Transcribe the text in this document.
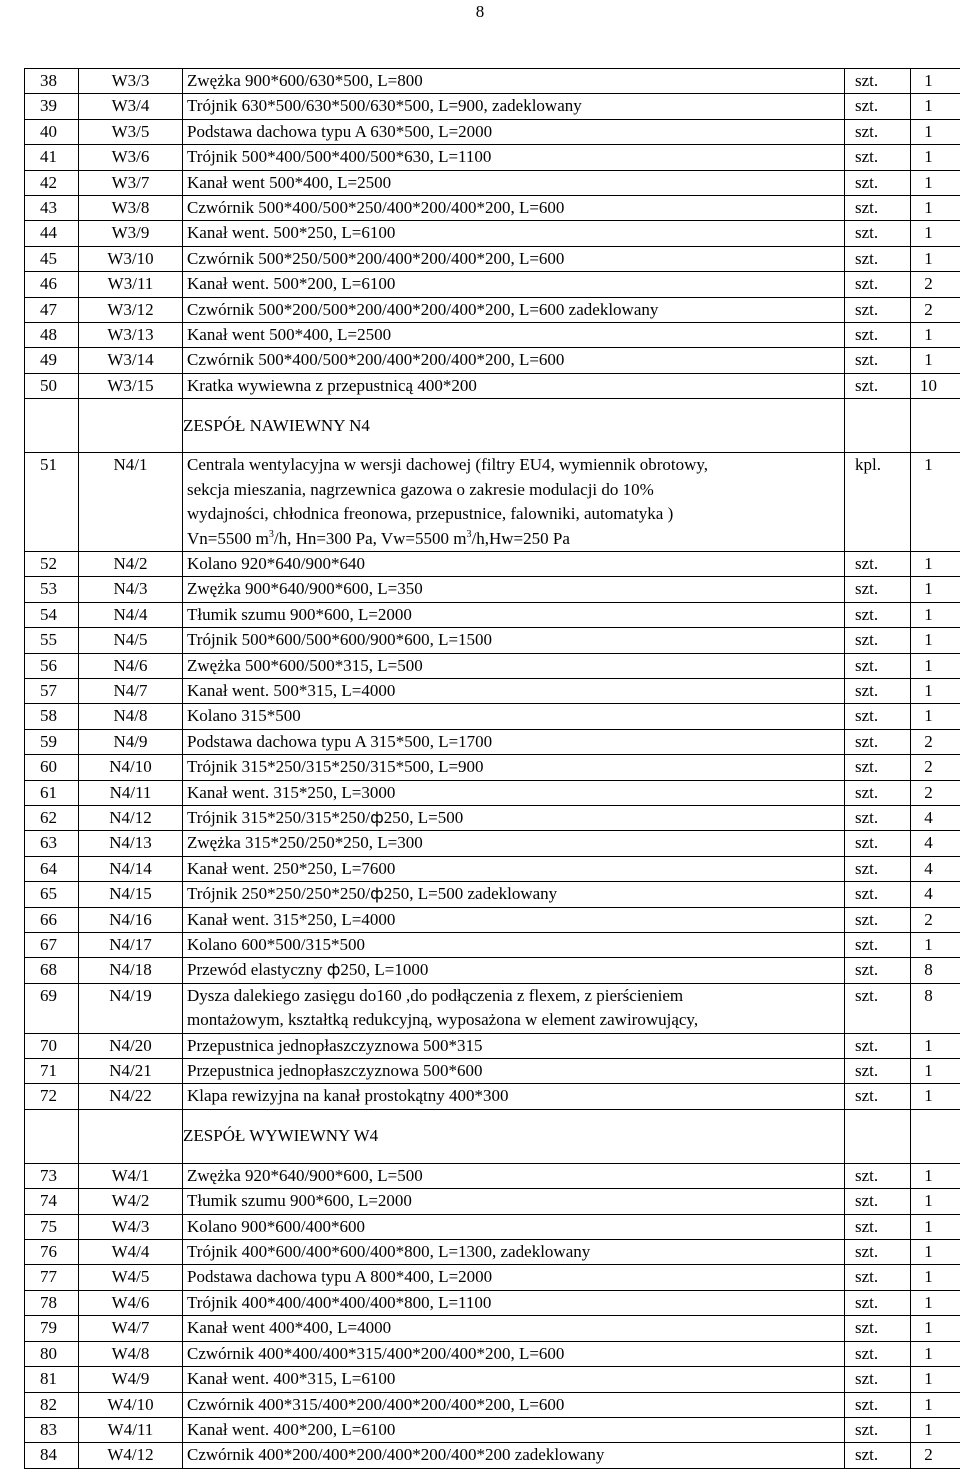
8
38	W3/3	Zwężka 900*600/630*500, L=800	szt.	1
39	W3/4	Trójnik 630*500/630*500/630*500, L=900, zadeklowany	szt.	1
40	W3/5	Podstawa dachowa typu A 630*500, L=2000	szt.	1
41	W3/6	Trójnik 500*400/500*400/500*630, L=1100	szt.	1
42	W3/7	Kanał went 500*400, L=2500	szt.	1
43	W3/8	Czwórnik 500*400/500*250/400*200/400*200, L=600	szt.	1
44	W3/9	Kanał went. 500*250, L=6100	szt.	1
45	W3/10	Czwórnik 500*250/500*200/400*200/400*200, L=600	szt.	1
46	W3/11	Kanał went. 500*200, L=6100	szt.	2
47	W3/12	Czwórnik 500*200/500*200/400*200/400*200, L=600 zadeklowany	szt.	2
48	W3/13	Kanał went 500*400, L=2500	szt.	1
49	W3/14	Czwórnik 500*400/500*200/400*200/400*200, L=600	szt.	1
50	W3/15	Kratka wywiewna z przepustnicą 400*200	szt.	10
		ZESPÓŁ NAWIEWNY N4		
51	N4/1	Centrala wentylacyjna w wersji dachowej (filtry EU4, wymiennik obrotowy,
sekcja mieszania, nagrzewnica gazowa o zakresie modulacji do 10%
wydajności, chłodnica freonowa, przepustnice, falowniki, automatyka )
Vn=5500 $m^3/h$, Hn=300 Pa, Vw=5500 $m^3/h,Hw=250$ Pa	kpl.	1
52	N4/2	Kolano 920*640/900*640	szt.	1
53	N4/3	Zwężka 900*640/900*600, L=350	szt.	1
54	N4/4	Tłumik szumu 900*600, L=2000	szt.	1
55	N4/5	Trójnik 500*600/500*600/900*600, L=1500	szt.	1
56	N4/6	Zwężka 500*600/500*315, L=500	szt.	1
57	N4/7	Kanał went. 500*315, L=4000	szt.	1
58	N4/8	Kolano 315*500	szt.	1
59	N4/9	Podstawa dachowa typu A 315*500, L=1700	szt.	2
60	N4/10	Trójnik 315*250/315*250/315*500, L=900	szt.	2
61	N4/11	Kanał went. 315*250, L=3000	szt.	2
62	N4/12	Trójnik 315*250/315*250/ф250, L=500	szt.	4
63	N4/13	Zwężka 315*250/250*250, L=300	szt.	4
64	N4/14	Kanał went. 250*250, L=7600	szt.	4
65	N4/15	Trójnik 250*250/250*250/ф250, L=500 zadeklowany	szt.	4
66	N4/16	Kanał went. 315*250, L=4000	szt.	2
67	N4/17	Kolano 600*500/315*500	szt.	1
68	N4/18	Przewód elastyczny ф250, L=1000	szt.	8
69	N4/19	Dysza dalekiego zasięgu do160 ,do podłączenia z flexem, z pierścieniem
montażowym, kształtką redukcyjną, wyposażona w element zawirowujący,	szt.	8
70	N4/20	Przepustnica jednopłaszczyznowa 500*315	szt.	1
71	N4/21	Przepustnica jednopłaszczyznowa 500*600	szt.	1
72	N4/22	Klapa rewizyjna na kanał prostokątny 400*300	szt.	1
		ZESPÓŁ WYWIEWNY W4		
73	W4/1	Zwężka 920*640/900*600, L=500	szt.	1
74	W4/2	Tłumik szumu 900*600, L=2000	szt.	1
75	W4/3	Kolano 900*600/400*600	szt.	1
76	W4/4	Trójnik 400*600/400*600/400*800, L=1300, zadeklowany	szt.	1
77	W4/5	Podstawa dachowa typu A 800*400, L=2000	szt.	1
78	W4/6	Trójnik 400*400/400*400/400*800, L=1100	szt.	1
79	W4/7	Kanał went 400*400, L=4000	szt.	1
80	W4/8	Czwórnik 400*400/400*315/400*200/400*200, L=600	szt.	1
81	W4/9	Kanał went. 400*315, L=6100	szt.	1
82	W4/10	Czwórnik 400*315/400*200/400*200/400*200, L=600	szt.	1
83	W4/11	Kanał went. 400*200, L=6100	szt.	1
84	W4/12	Czwórnik 400*200/400*200/400*200/400*200 zadeklowany	szt.	2
